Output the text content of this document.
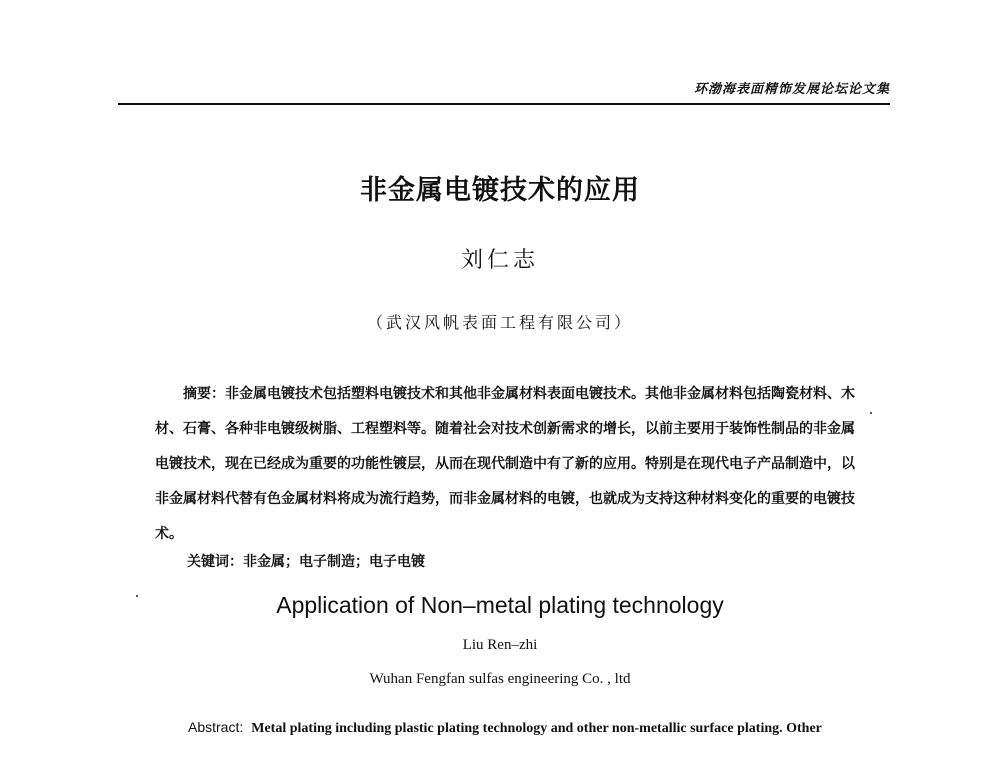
环渤海表面精饰发展论坛论文集
非金属电镀技术的应用
刘仁志
（武汉风帆表面工程有限公司）
摘要：非金属电镀技术包括塑料电镀技术和其他非金属材料表面电镀技术。其他非金属材料包括陶瓷材料、木材、石膏、各种非电镀级树脂、工程塑料等。随着社会对技术创新需求的增长，以前主要用于装饰性制品的非金属电镀技术，现在已经成为重要的功能性镀层，从而在现代制造中有了新的应用。特别是在现代电子产品制造中，以非金属材料代替有色金属材料将成为流行趋势，而非金属材料的电镀，也就成为支持这种材料变化的重要的电镀技术。
关键词：非金属；电子制造；电子电镀
Application of Non–metal plating technology
Liu Ren–zhi
Wuhan Fengfan sulfas engineering Co. , ltd
Abstract: Metal plating including plastic plating technology and other non-metallic surface plating. Other
